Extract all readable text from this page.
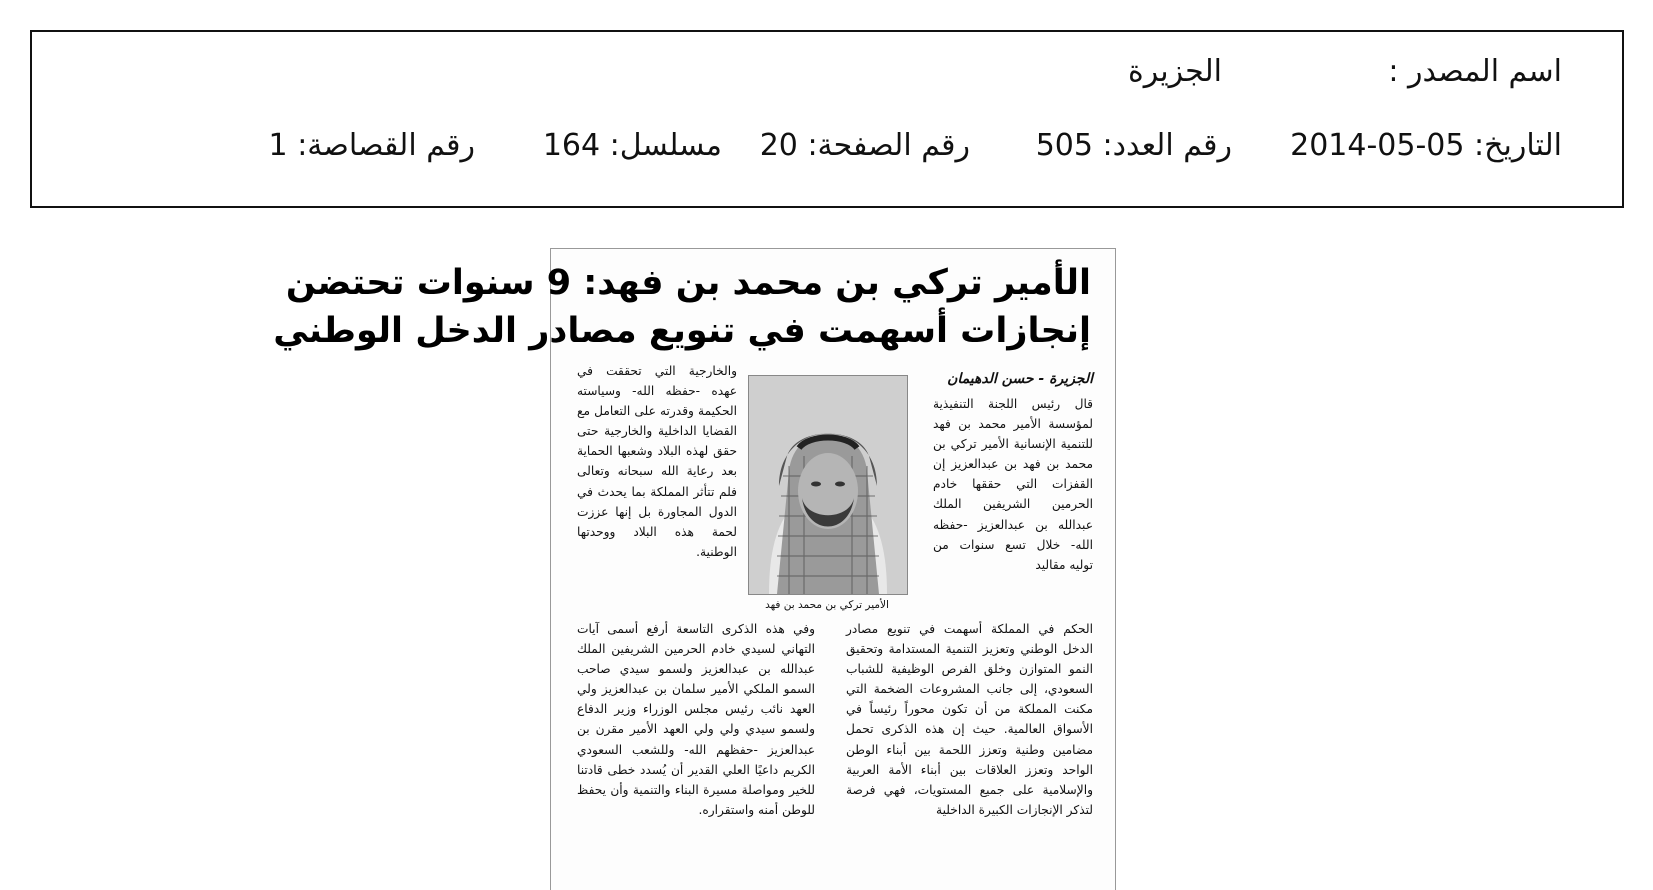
اسم المصدر :
الجزيرة
التاريخ: 2014-05-05
رقم العدد: 505
رقم الصفحة: 20
مسلسل: 164
رقم القصاصة: 1
الأمير تركي بن محمد بن فهد: 9 سنوات تحتضن
إنجازات أسهمت في تنويع مصادر الدخل الوطني
الجزيرة - حسن الدهيمان

قال رئيس اللجنة التنفيذية لمؤسسة الأمير محمد بن فهد للتنمية الإنسانية الأمير تركي بن محمد بن فهد بن عبدالعزيز إن القفزات التي حققها خادم الحرمين الشريفين الملك عبدالله بن عبدالعزيز -حفظه الله- خلال تسع سنوات من توليه مقاليد

الحكم في المملكة أسهمت في تنويع مصادر الدخل الوطني وتعزيز التنمية المستدامة وتحقيق النمو المتوازن وخلق الفرص الوظيفية للشباب السعودي، إلى جانب المشروعات الضخمة التي مكنت المملكة من أن تكون محوراً رئيساً في الأسواق العالمية. حيث إن هذه الذكرى تحمل مضامين وطنية وتعزز اللحمة بين أبناء الوطن الواحد وتعزز العلاقات بين أبناء الأمة العربية والإسلامية على جميع المستويات، فهي فرصة لتذكر الإنجازات الكبيرة الداخلية

الأمير تركي بن محمد بن فهد

والخارجية التي تحققت في عهده -حفظه الله- وسياسته الحكيمة وقدرته على التعامل مع القضايا الداخلية والخارجية حتى حقق لهذه البلاد وشعبها الحماية بعد رعاية الله سبحانه وتعالى فلم تتأثر المملكة بما يحدث في الدول المجاورة بل إنها عززت لحمة هذه البلاد ووحدتها الوطنية.

وفي هذه الذكرى التاسعة أرفع أسمى آيات التهاني لسيدي خادم الحرمين الشريفين الملك عبدالله بن عبدالعزيز ولسمو سيدي صاحب السمو الملكي الأمير سلمان بن عبدالعزيز ولي العهد نائب رئيس مجلس الوزراء وزير الدفاع ولسمو سيدي ولي ولي العهد الأمير مقرن بن عبدالعزيز -حفظهم الله- وللشعب السعودي الكريم داعيًا العلي القدير أن يُسدد خطى قادتنا للخير ومواصلة مسيرة البناء والتنمية وأن يحفظ للوطن أمنه واستقراره.
